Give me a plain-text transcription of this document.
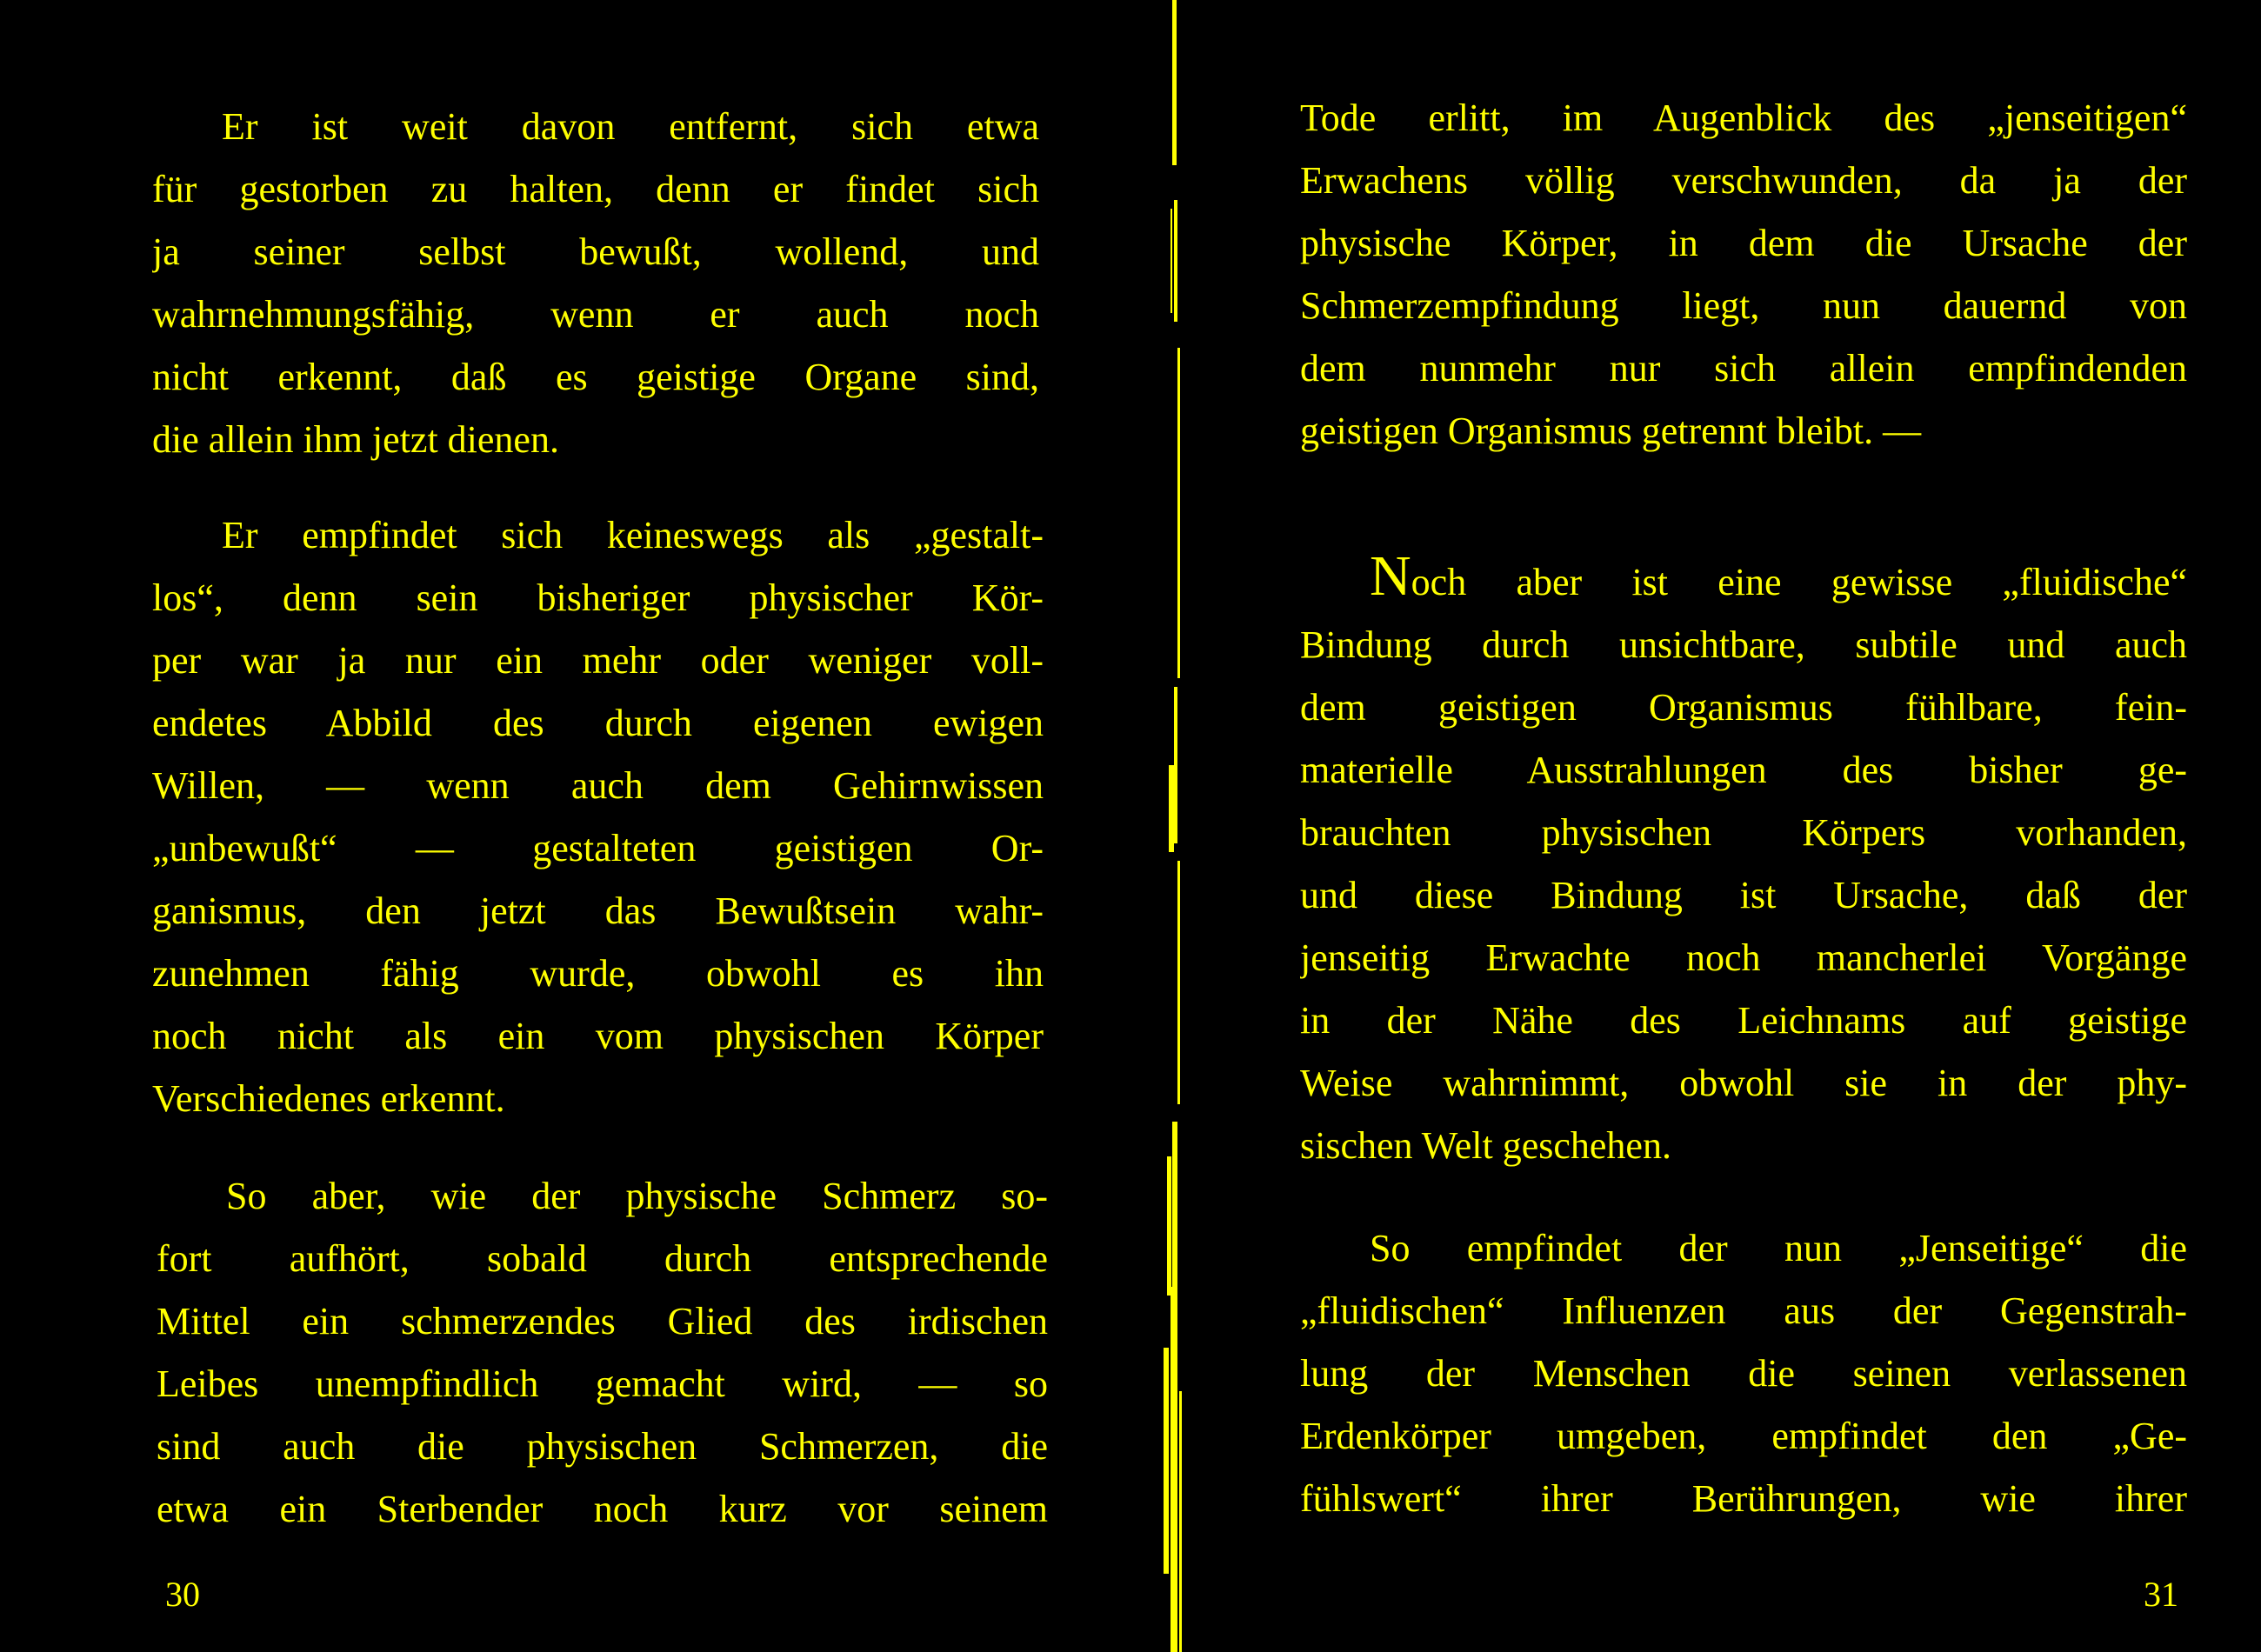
Er ist weit davon entfernt, sich etwa
für gestorben zu halten, denn er findet sich
ja seiner selbst bewußt, wollend, und
wahrnehmungsfähig, wenn er auch noch
nicht erkennt, daß es geistige Organe sind,
die allein ihm jetzt dienen.

Er empfindet sich keineswegs als „gestalt-
los“, denn sein bisheriger physischer Kör-
per war ja nur ein mehr oder weniger voll-
endetes Abbild des durch eigenen ewigen
Willen, — wenn auch dem Gehirnwissen
„unbewußt“ — gestalteten geistigen Or-
ganismus, den jetzt das Bewußtsein wahr-
zunehmen fähig wurde, obwohl es ihn
noch nicht als ein vom physischen Körper
Verschiedenes erkennt.

So aber, wie der physische Schmerz so-
fort aufhört, sobald durch entsprechende
Mittel ein schmerzendes Glied des irdischen
Leibes unempfindlich gemacht wird, — so
sind auch die physischen Schmerzen, die
etwa ein Sterbender noch kurz vor seinem

30

Tode erlitt, im Augenblick des „jenseitigen“
Erwachens völlig verschwunden, da ja der
physische Körper, in dem die Ursache der
Schmerzempfindung liegt, nun dauernd von
dem nunmehr nur sich allein empfindenden
geistigen Organismus getrennt bleibt. —

Noch aber ist eine gewisse „fluidische“
Bindung durch unsichtbare, subtile und auch
dem geistigen Organismus fühlbare, fein-
materielle Ausstrahlungen des bisher ge-
brauchten physischen Körpers vorhanden,
und diese Bindung ist Ursache, daß der
jenseitig Erwachte noch mancherlei Vorgänge
in der Nähe des Leichnams auf geistige
Weise wahrnimmt, obwohl sie in der phy-
sischen Welt geschehen.

So empfindet der nun „Jenseitige“ die
„fluidischen“ Influenzen aus der Gegenstrah-
lung der Menschen die seinen verlassenen
Erdenkörper umgeben, empfindet den „Ge-
fühlswert“ ihrer Berührungen, wie ihrer

31
